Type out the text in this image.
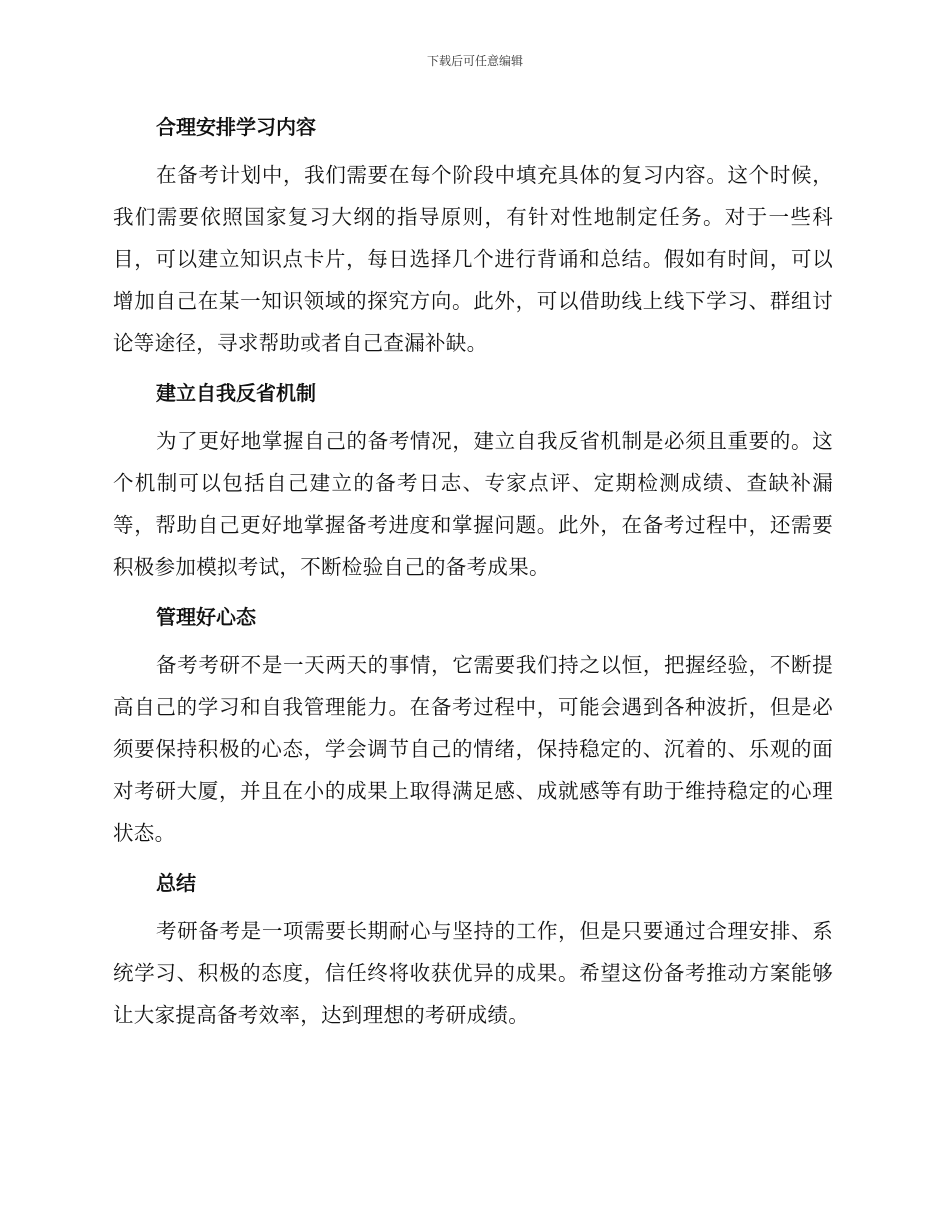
下载后可任意编辑
合理安排学习内容

在备考计划中，我们需要在每个阶段中填充具体的复习内容。这个时候，我们需要依照国家复习大纲的指导原则，有针对性地制定任务。对于一些科目，可以建立知识点卡片，每日选择几个进行背诵和总结。假如有时间，可以增加自己在某一知识领域的探究方向。此外，可以借助线上线下学习、群组讨论等途径，寻求帮助或者自己查漏补缺。

建立自我反省机制

为了更好地掌握自己的备考情况，建立自我反省机制是必须且重要的。这个机制可以包括自己建立的备考日志、专家点评、定期检测成绩、查缺补漏等，帮助自己更好地掌握备考进度和掌握问题。此外，在备考过程中，还需要积极参加模拟考试，不断检验自己的备考成果。

管理好心态

备考考研不是一天两天的事情，它需要我们持之以恒，把握经验，不断提高自己的学习和自我管理能力。在备考过程中，可能会遇到各种波折，但是必须要保持积极的心态，学会调节自己的情绪，保持稳定的、沉着的、乐观的面对考研大厦，并且在小的成果上取得满足感、成就感等有助于维持稳定的心理状态。

总结

考研备考是一项需要长期耐心与坚持的工作，但是只要通过合理安排、系统学习、积极的态度，信任终将收获优异的成果。希望这份备考推动方案能够让大家提高备考效率，达到理想的考研成绩。
